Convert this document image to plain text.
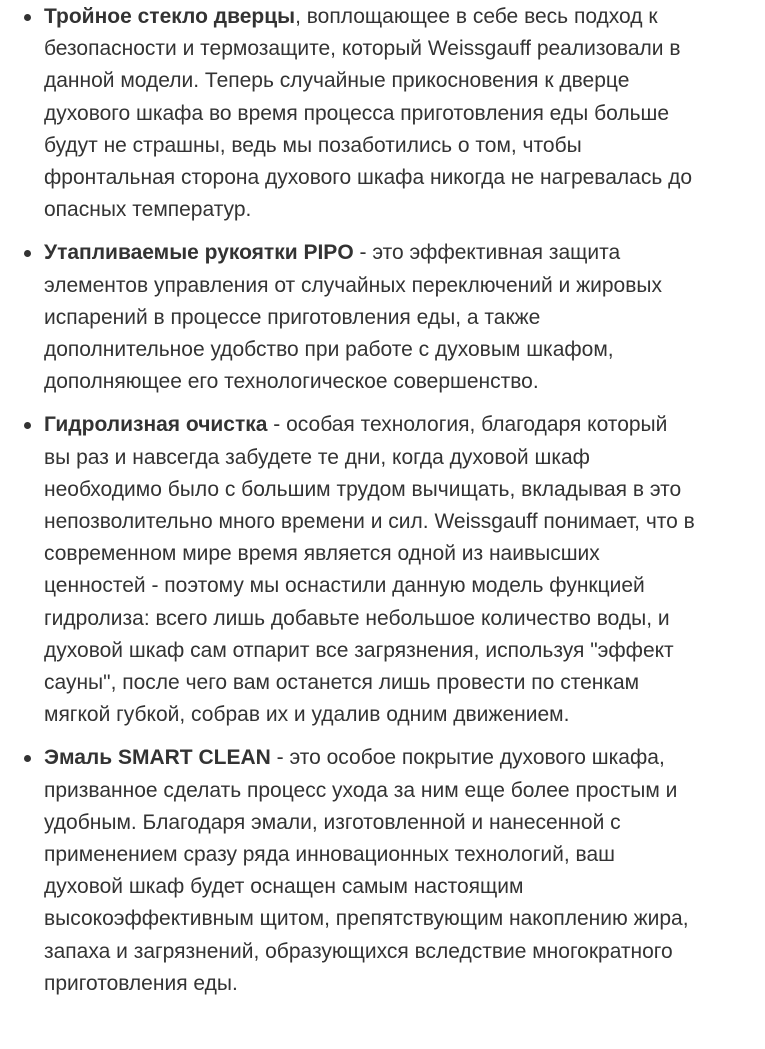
Тройное стекло дверцы, воплощающее в себе весь подход к безопасности и термозащите, который Weissgauff реализовали в данной модели. Теперь случайные прикосновения к дверце духового шкафа во время процесса приготовления еды больше будут не страшны, ведь мы позаботились о том, чтобы фронтальная сторона духового шкафа никогда не нагревалась до опасных температур.
Утапливаемые рукоятки PIPO - это эффективная защита элементов управления от случайных переключений и жировых испарений в процессе приготовления еды, а также дополнительное удобство при работе с духовым шкафом, дополняющее его технологическое совершенство.
Гидролизная очистка - особая технология, благодаря который вы раз и навсегда забудете те дни, когда духовой шкаф необходимо было с большим трудом вычищать, вкладывая в это непозволительно много времени и сил. Weissgauff понимает, что в современном мире время является одной из наивысших ценностей - поэтому мы оснастили данную модель функцией гидролиза: всего лишь добавьте небольшое количество воды, и духовой шкаф сам отпарит все загрязнения, используя "эффект сауны", после чего вам останется лишь провести по стенкам мягкой губкой, собрав их и удалив одним движением.
Эмаль SMART CLEAN - это особое покрытие духового шкафа, призванное сделать процесс ухода за ним еще более простым и удобным. Благодаря эмали, изготовленной и нанесенной с применением сразу ряда инновационных технологий, ваш духовой шкаф будет оснащен самым настоящим высокоэффективным щитом, препятствующим накоплению жира, запаха и загрязнений, образующихся вследствие многократного приготовления еды.
